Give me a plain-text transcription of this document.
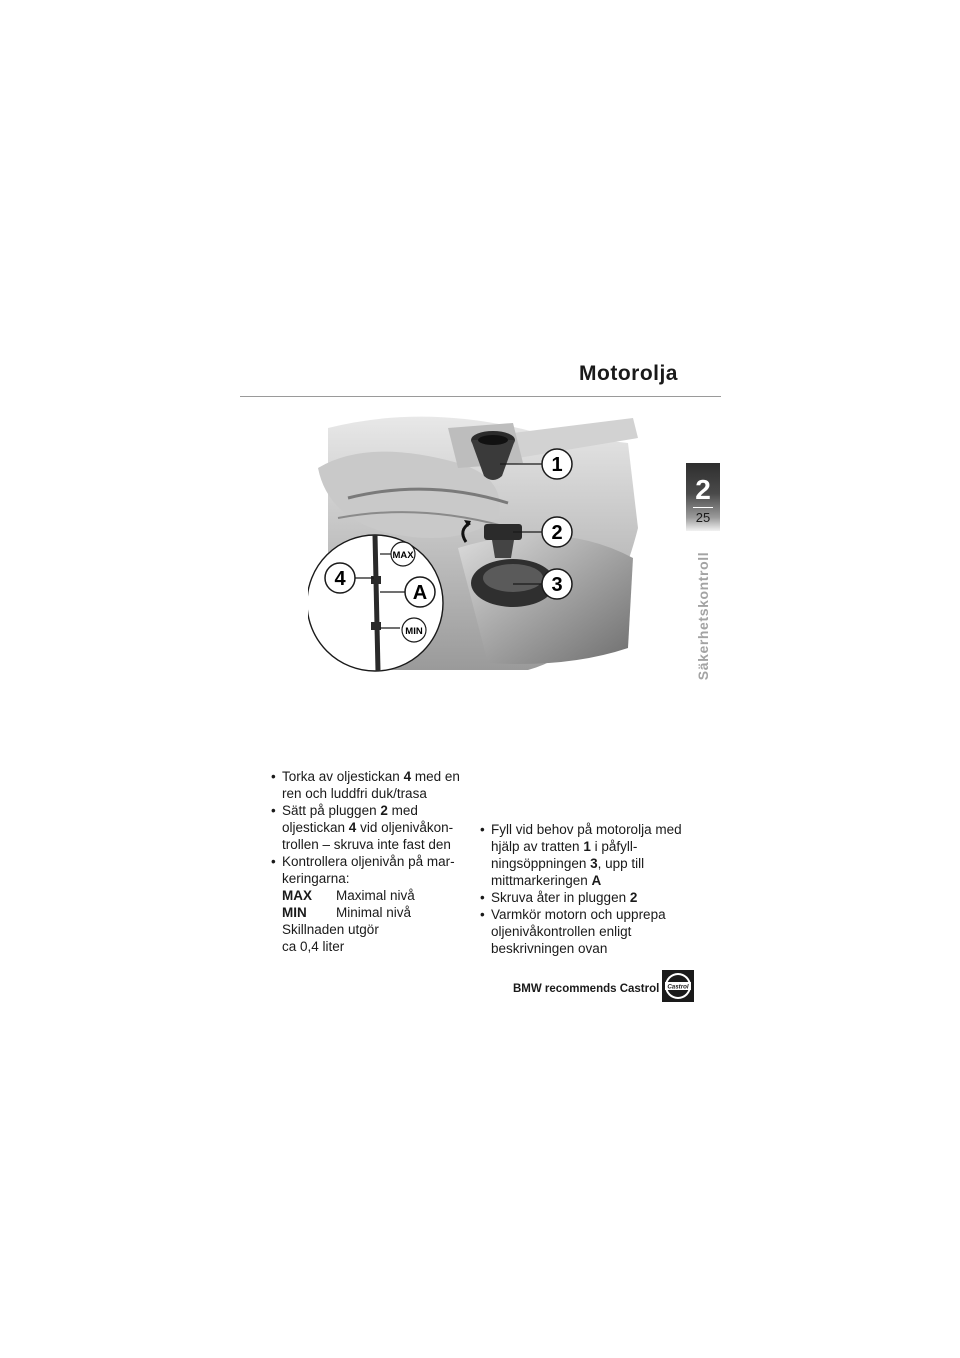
Motorolja
2
25
Säkerhetskontroll
1
2
3
4
A
MAX
MIN
• Torka av oljestickan 4 med en ren och luddfri duk/trasa
• Sätt på pluggen 2 med oljestickan 4 vid oljenivåkon-trollen – skruva inte fast den
• Kontrollera oljenivån på mar-keringarna:
MAX Maximal nivå
MIN Minimal nivå
Skillnaden utgör
ca 0,4 liter
• Fyll vid behov på motorolja med hjälp av tratten 1 i påfyll-ningsöppningen 3, upp till mittmarkeringen A
• Skruva åter in pluggen 2
• Varmkör motorn och upprepa oljenivåkontrollen enligt beskrivningen ovan
BMW recommends Castrol Castrol
